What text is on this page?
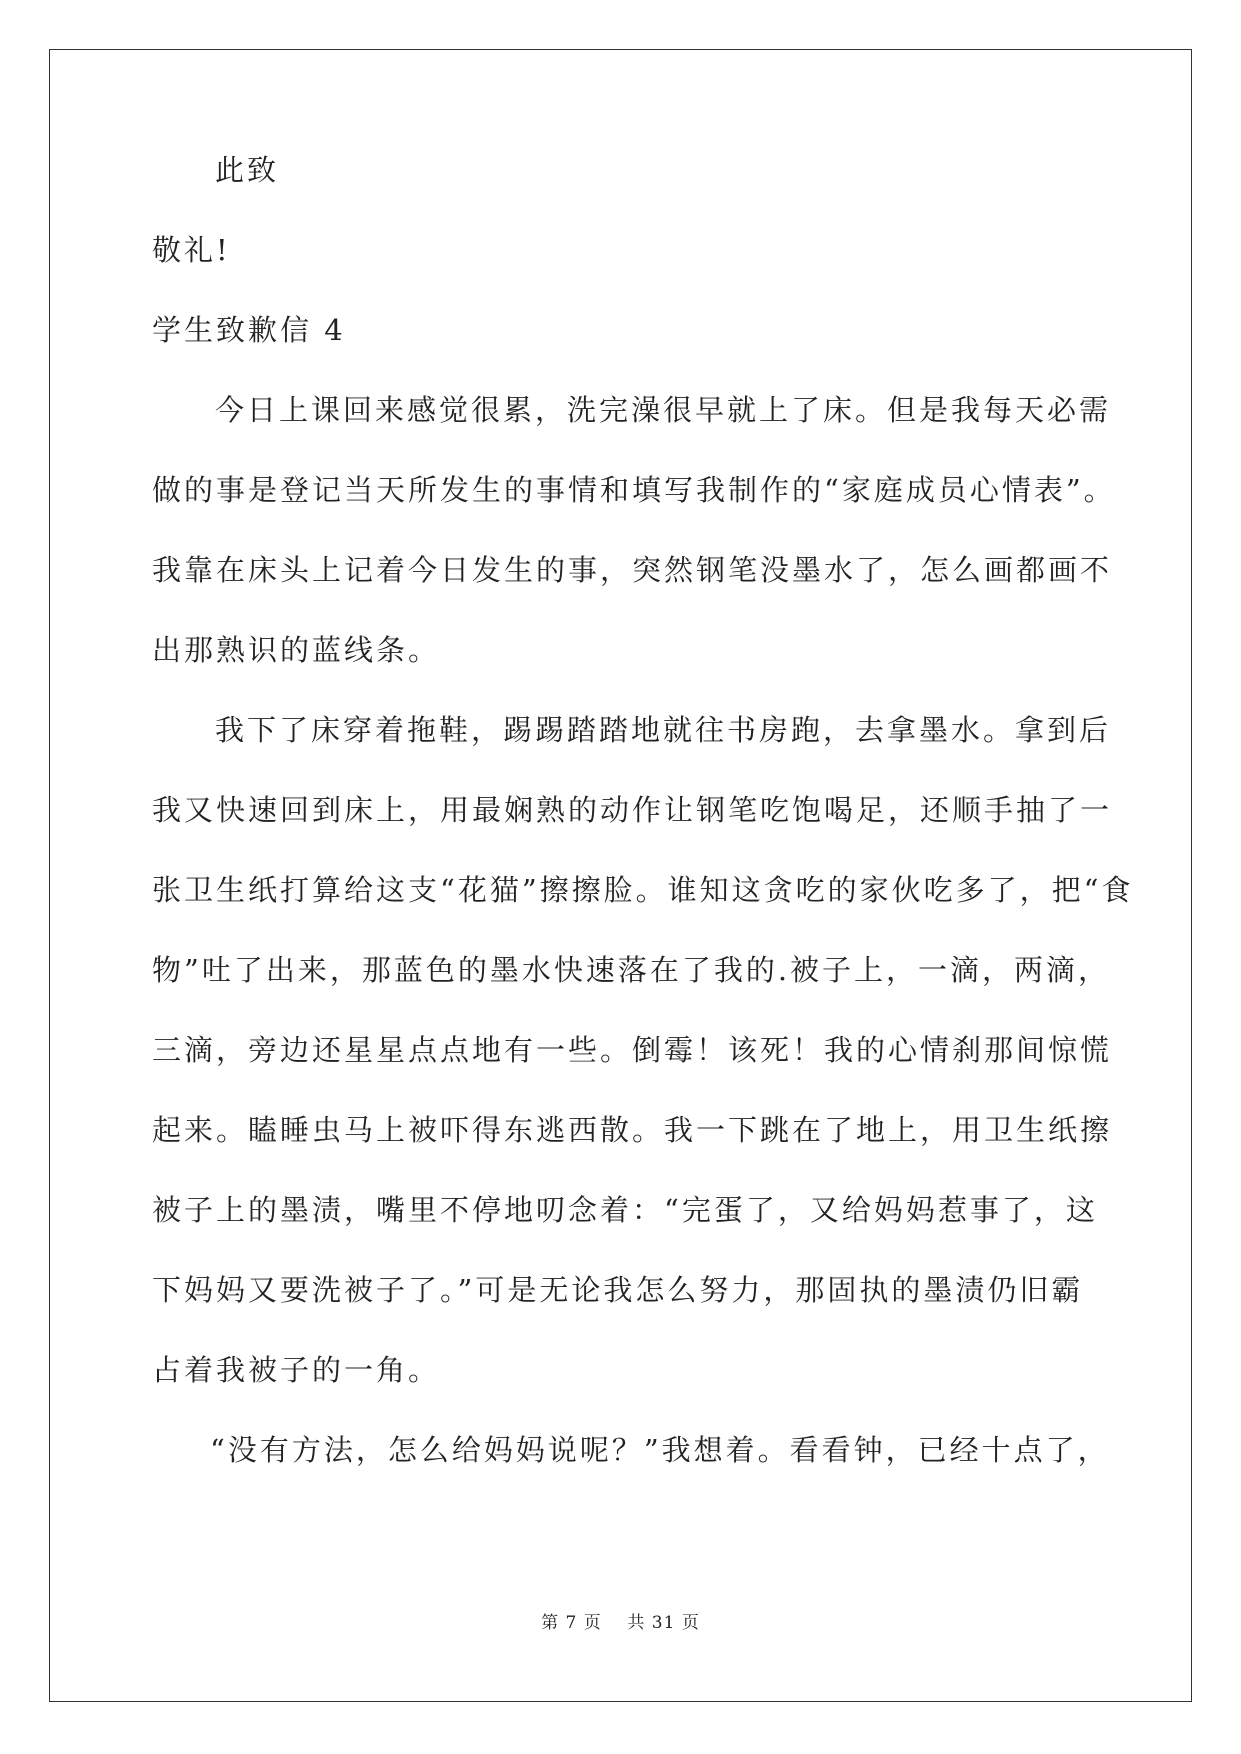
此致
敬礼!
学生致歉信 4
今日上课回来感觉很累，洗完澡很早就上了床。但是我每天必需
做的事是登记当天所发生的事情和填写我制作的“家庭成员心情表”。
我靠在床头上记着今日发生的事，突然钢笔没墨水了，怎么画都画不
出那熟识的蓝线条。
我下了床穿着拖鞋，踢踢踏踏地就往书房跑，去拿墨水。拿到后
我又快速回到床上，用最娴熟的动作让钢笔吃饱喝足，还顺手抽了一
张卫生纸打算给这支“花猫”擦擦脸。谁知这贪吃的家伙吃多了，把“食
物”吐了出来，那蓝色的墨水快速落在了我的.被子上，一滴，两滴，
三滴，旁边还星星点点地有一些。倒霉！该死！我的心情刹那间惊慌
起来。瞌睡虫马上被吓得东逃西散。我一下跳在了地上，用卫生纸擦
被子上的墨渍，嘴里不停地叨念着：“完蛋了，又给妈妈惹事了，这
下妈妈又要洗被子了。”可是无论我怎么努力，那固执的墨渍仍旧霸
占着我被子的一角。
“没有方法，怎么给妈妈说呢？”我想着。看看钟，已经十点了，
第 7 页 共 31 页
